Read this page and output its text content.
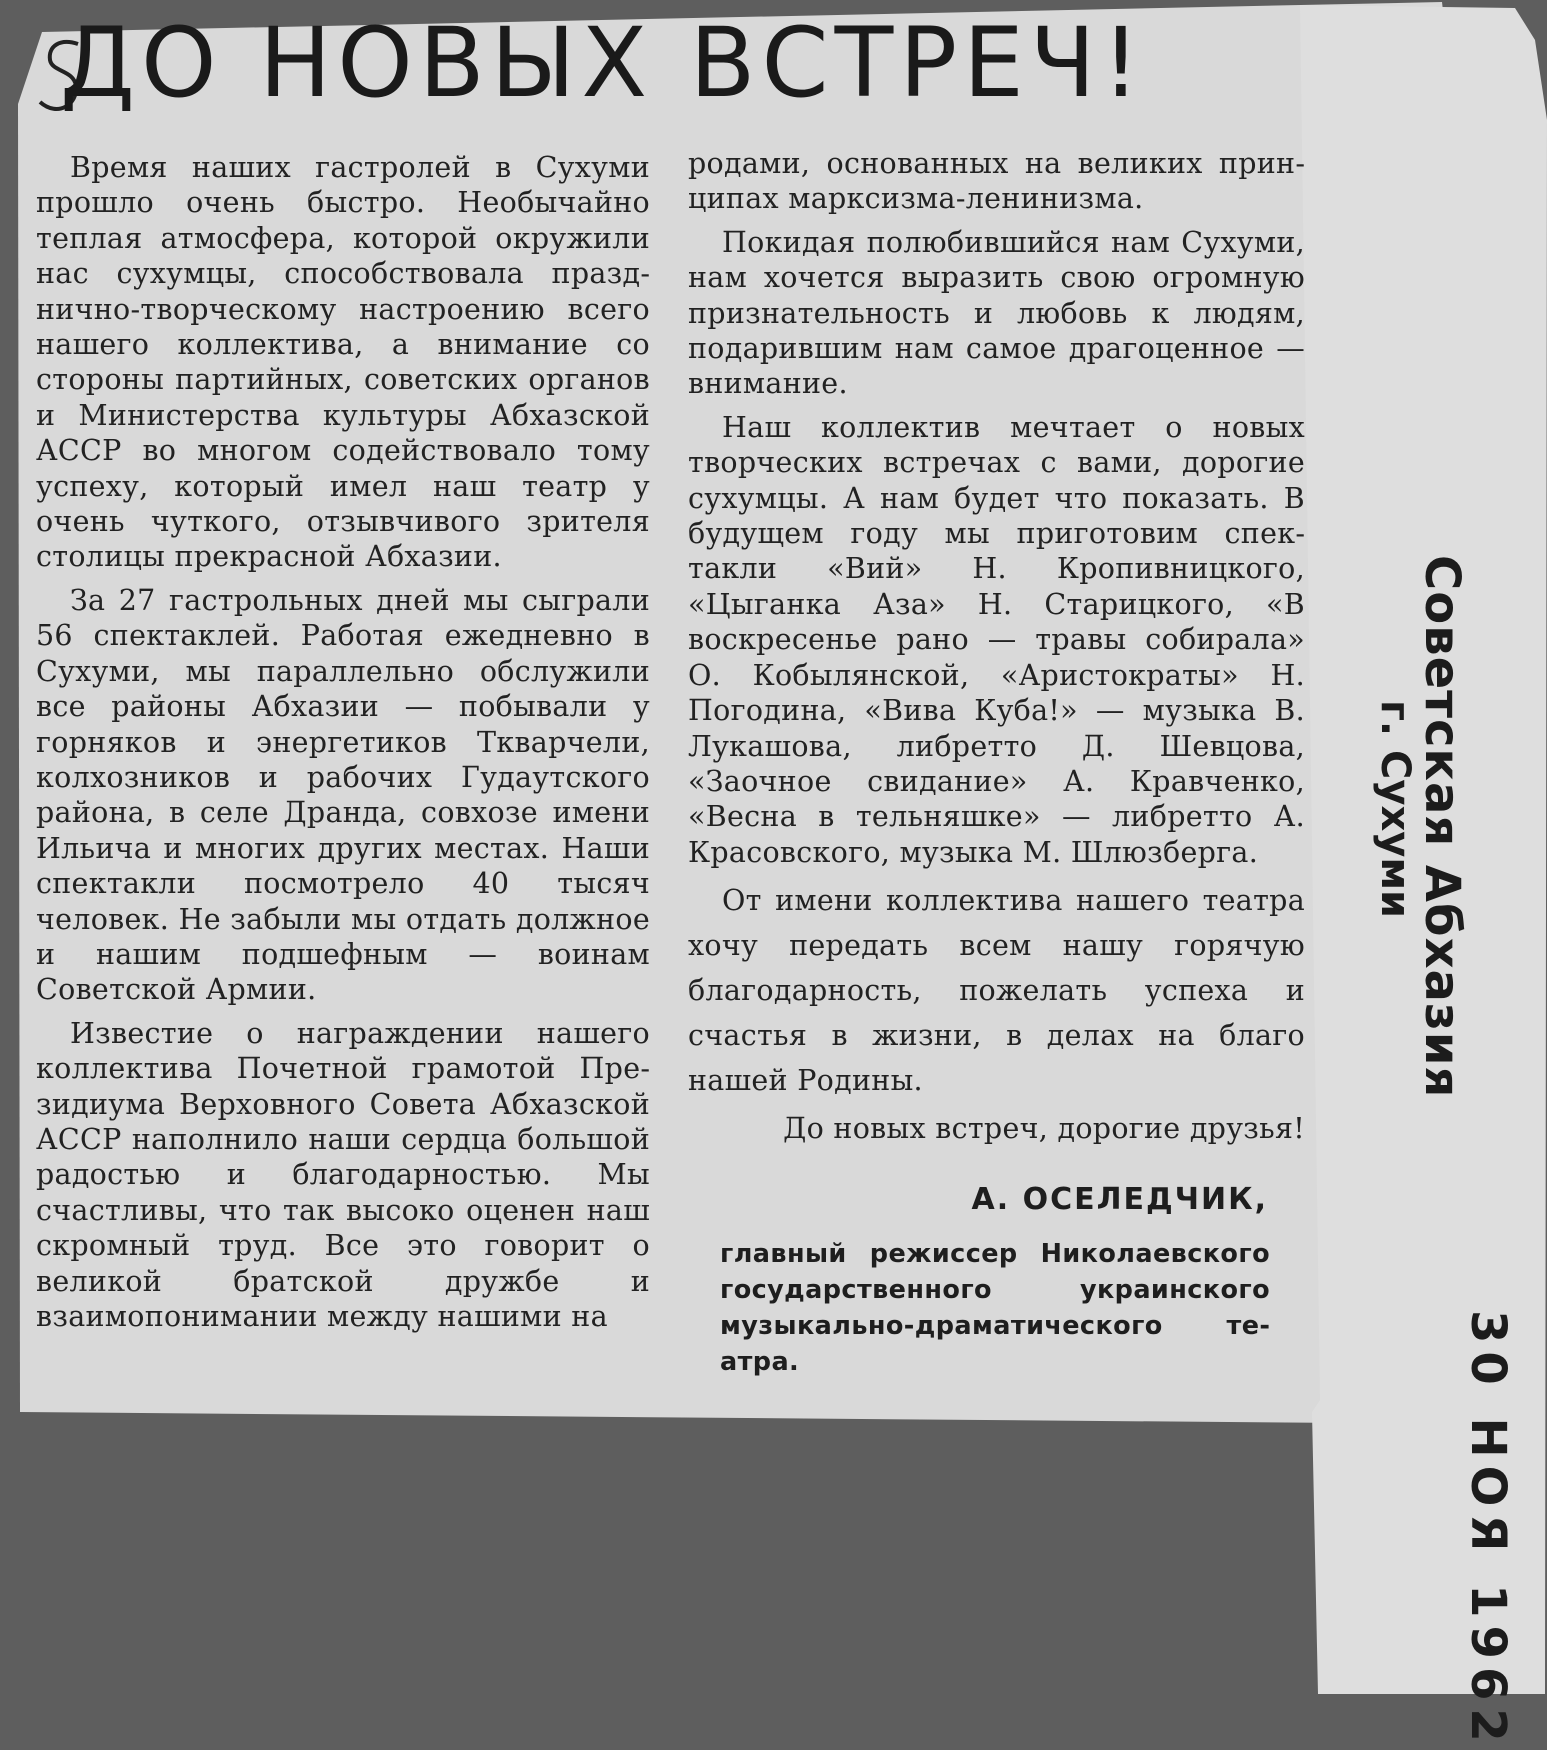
ДО НОВЫХ ВСТРЕЧ!

Время наших гастролей в Сухуми прошло очень быстро. Необычайно теплая атмосфера, которой окружили нас сухумцы, способствовала празднично-творческому настроению всего нашего коллектива, а внимание со стороны партийных, советских органов и Министерства культуры Абхазской АССР во многом содействовало тому успеху, который имел наш театр у очень чуткого, отзывчивого зрителя столицы прекрасной Абхазии.

За 27 гастрольных дней мы сыграли 56 спектаклей. Работая ежедневно в Сухуми, мы параллельно обслужили все районы Абхазии — побывали у горняков и энергетиков Ткварчели, колхозников и рабочих Гудаутского района, в селе Дранда, совхозе имени Ильича и многих других местах. Наши спектакли посмотрело 40 тысяч человек. Не забыли мы отдать должное и нашим подшефным — воинам Советской Армии.

Известие о награждении нашего коллектива Почетной грамотой Президиума Верховного Совета Абхазской АССР наполнило наши сердца большой радостью и благодарностью. Мы счастливы, что так высоко оценен наш скромный труд. Все это говорит о великой братской дружбе и взаимопонимании между нашими на

родами, основанных на великих принципах марксизма-ленинизма.

Покидая полюбившийся нам Сухуми, нам хочется выразить свою огромную признательность и любовь к людям, подарившим нам самое драгоценное — внимание.

Наш коллектив мечтает о новых творческих встречах с вами, дорогие сухумцы. А нам будет что показать. В будущем году мы приготовим спектакли «Вий» Н. Кропивницкого, «Цыганка Аза» Н. Старицкого, «В воскресенье рано — травы собирала» О. Кобылянской, «Аристократы» Н. Погодина, «Вива Куба!» — музыка В. Лукашова, либретто Д. Шевцова, «Заочное свидание» А. Кравченко, «Весна в тельняшке» — либретто А. Красовского, музыка М. Шлюзберга.

От имени коллектива нашего театра хочу передать всем нашу горячую благодарность, пожелать успеха и счастья в жизни, в делах на благо нашей Родины.

До новых встреч, дорогие друзья!

А. ОСЕЛЕДЧИК,
главный режиссер Николаевского государственного украинского музыкально-драматического театра.
Советская Абхазия
г. Сухуми
30 НОЯ 1962
